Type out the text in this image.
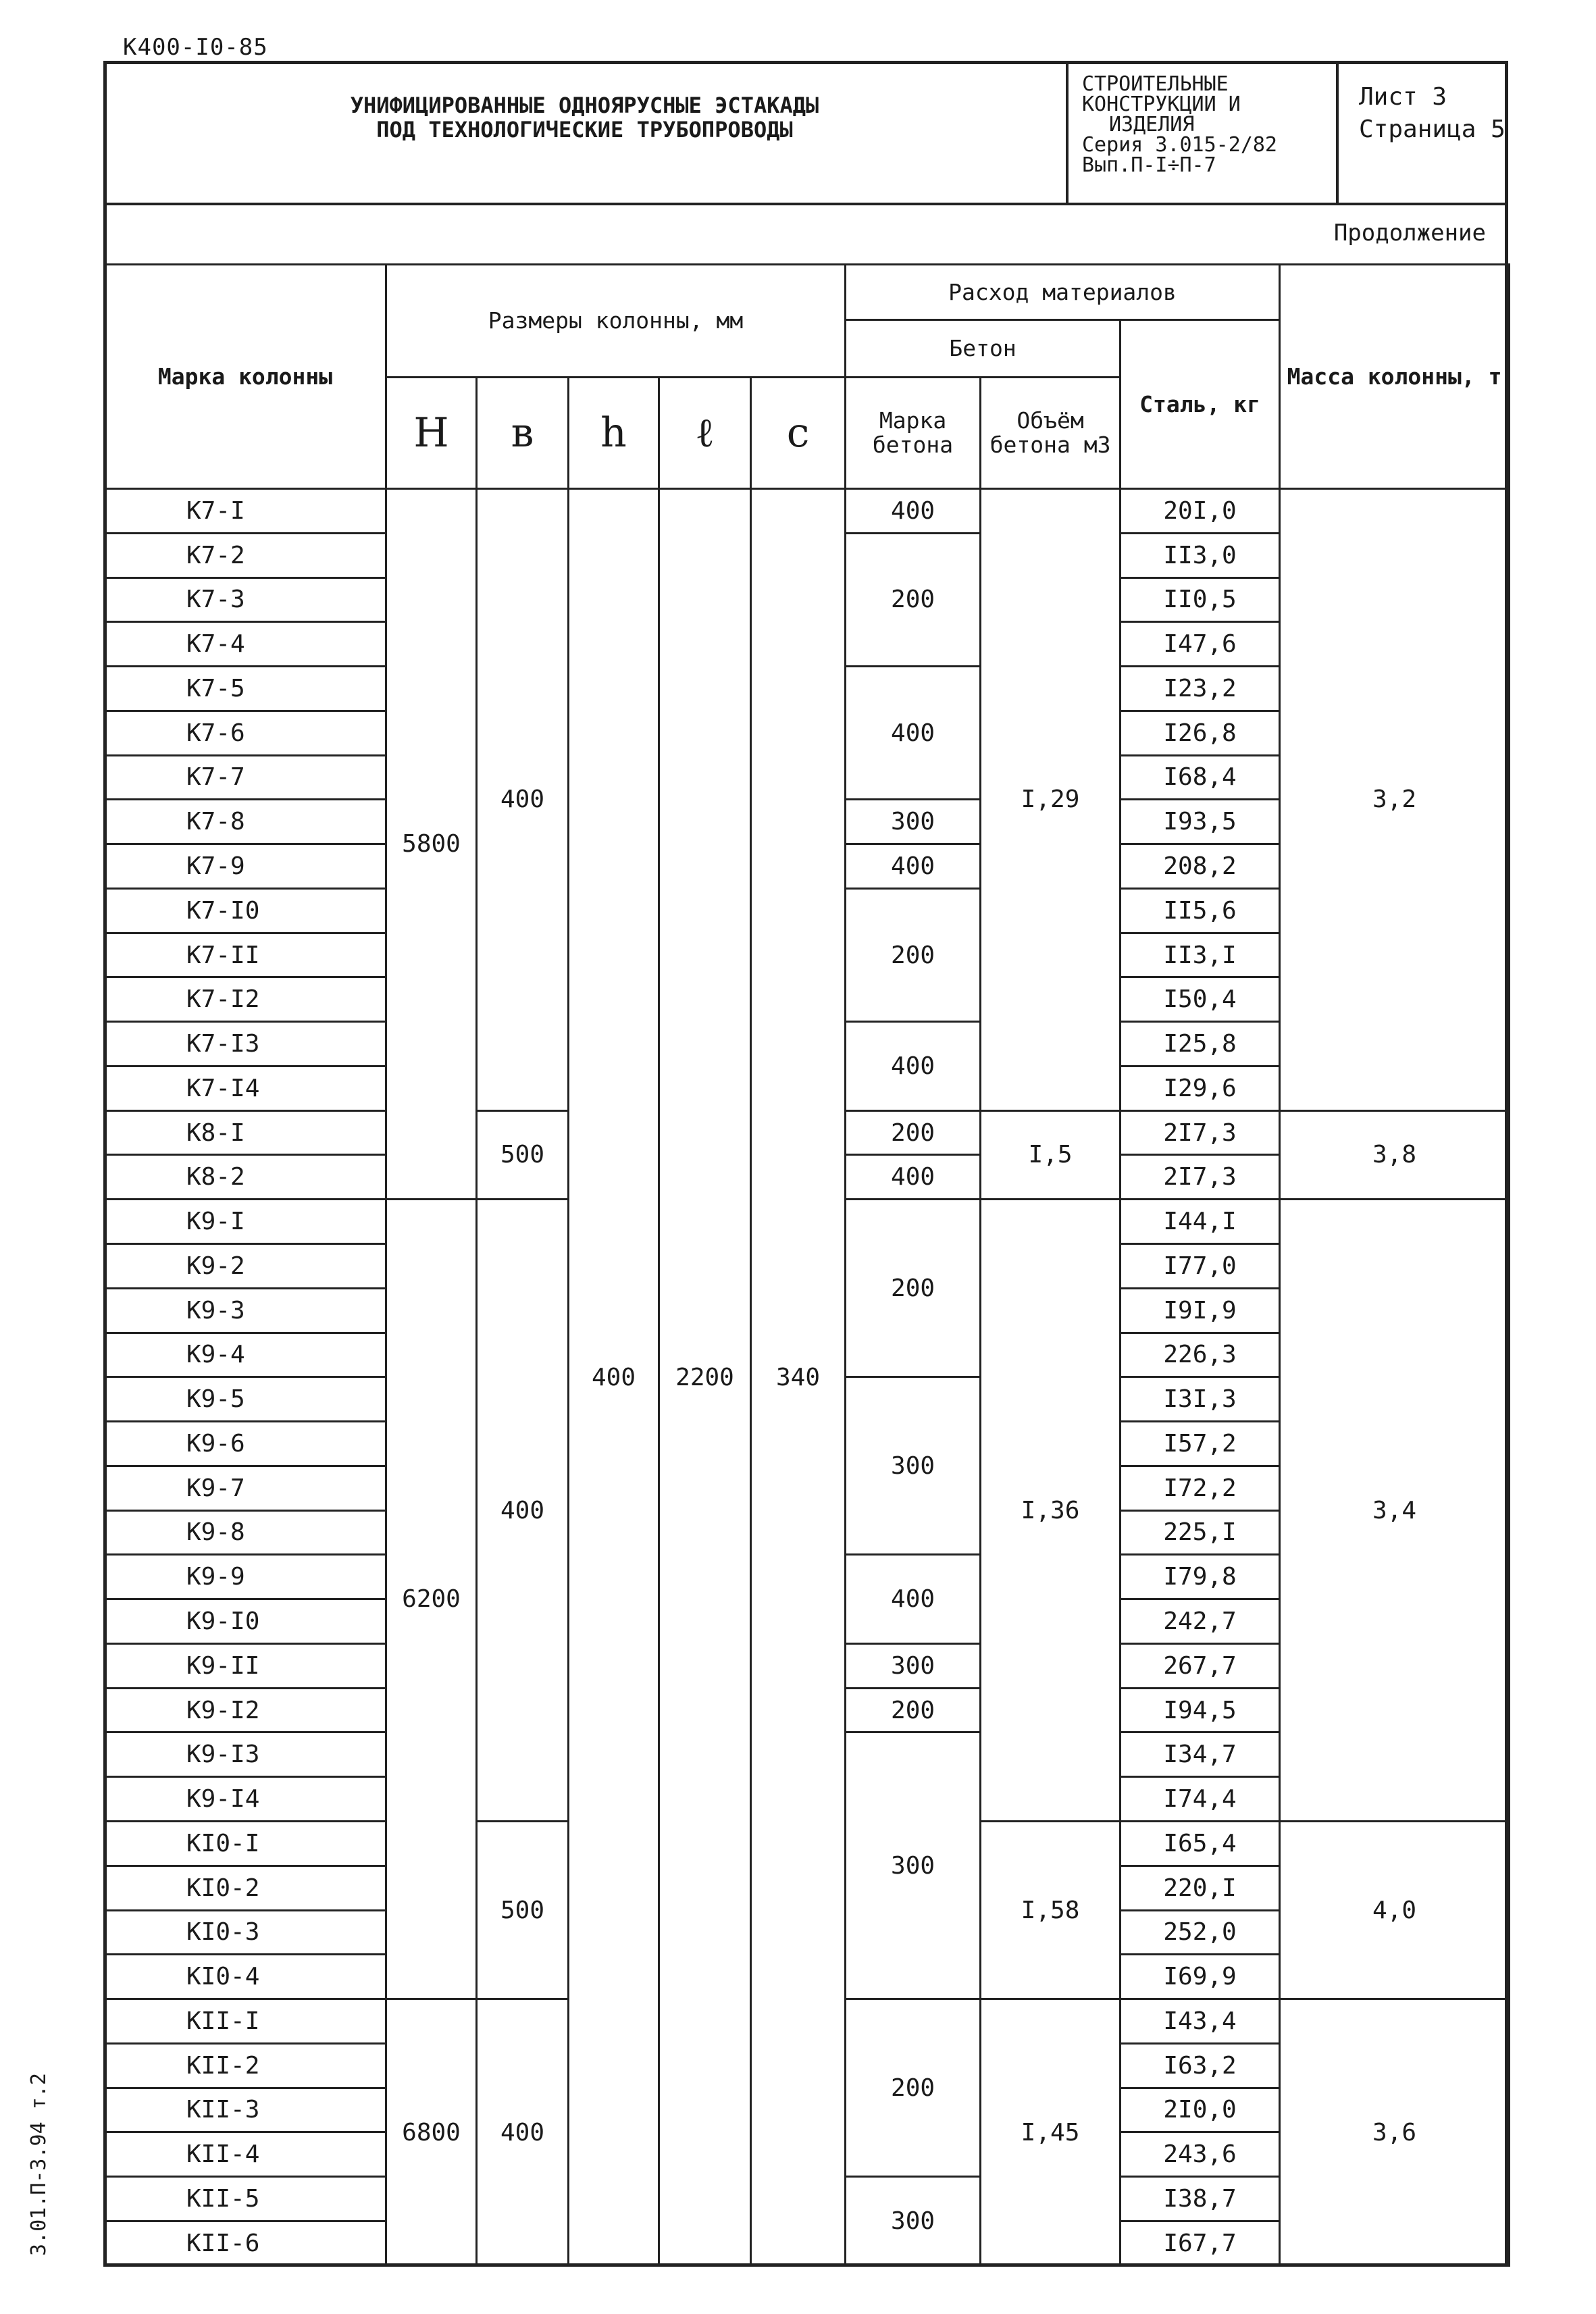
К400-I0-85
3.01.П-3.94 т.2
УНИФИЦИРОВАННЫЕ ОДНОЯРУСНЫЕ ЭСТАКАДЫ
ПОД ТЕХНОЛОГИЧЕСКИЕ ТРУБОПРОВОДЫ
СТРОИТЕЛЬНЫЕ
КОНСТРУКЦИИ И
ИЗДЕЛИЯ
Серия 3.015-2/82
Вып.П-I÷П-7
Лист 3
Страница 5
Продолжение
Марка колонны	Размеры колонны, мм					Расход материалов			Масса колонны, т
						Бетон		Сталь, кг	
	H	в	h	ℓ	с	Марка бетона	Объём бетона м3		
К7-I	5800	400	400	2200	340	400	I,29	20I,0	3,2
К7-2						200		II3,0	
К7-3								II0,5	
К7-4								I47,6	
К7-5						400		I23,2	
К7-6								I26,8	
К7-7								I68,4	
К7-8						300		I93,5	
К7-9						400		208,2	
К7-I0						200		II5,6	
К7-II								II3,I	
К7-I2								I50,4	
К7-I3						400		I25,8	
К7-I4								I29,6	
К8-I		500				200	I,5	2I7,3	3,8
К8-2						400		2I7,3	
К9-I	6200	400				200	I,36	I44,I	3,4
К9-2								I77,0	
К9-3								I9I,9	
К9-4								226,3	
К9-5						300		I3I,3	
К9-6								I57,2	
К9-7								I72,2	
К9-8								225,I	
К9-9						400		I79,8	
К9-I0								242,7	
К9-II						300		267,7	
К9-I2						200		I94,5	
К9-I3						300		I34,7	
К9-I4								I74,4	
КI0-I		500					I,58	I65,4	4,0
КI0-2								220,I	
КI0-3								252,0	
КI0-4								I69,9	
КII-I	6800	400				200	I,45	I43,4	3,6
КII-2								I63,2	
КII-3								2I0,0	
КII-4								243,6	
КII-5						300		I38,7	
КII-6								I67,7	
